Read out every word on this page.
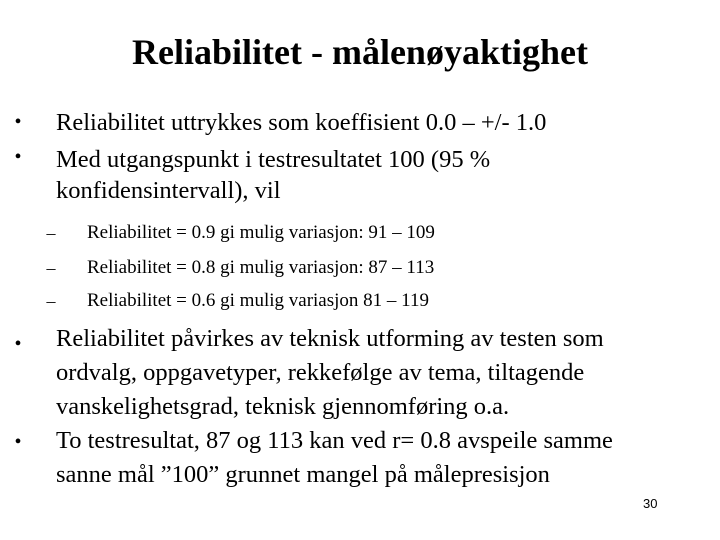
Reliabilitet - målenøyaktighet
• Reliabilitet uttrykkes som koeffisient 0.0 – +/- 1.0
• Med utgangspunkt i testresultatet 100 (95 %
konfidensintervall), vil
–	Reliabilitet = 0.9 gi mulig variasjon: 91 – 109
–	Reliabilitet = 0.8 gi mulig variasjon: 87 – 113
–	Reliabilitet = 0.6 gi mulig variasjon 81 – 119
• Reliabilitet påvirkes av teknisk utforming av testen som
ordvalg, oppgavetyper, rekkefølge av tema, tiltagende
vanskelighetsgrad, teknisk gjennomføring o.a.
• To testresultat, 87 og 113 kan ved r= 0.8 avspeile samme
sanne mål ”100” grunnet mangel på målepresisjon
30
